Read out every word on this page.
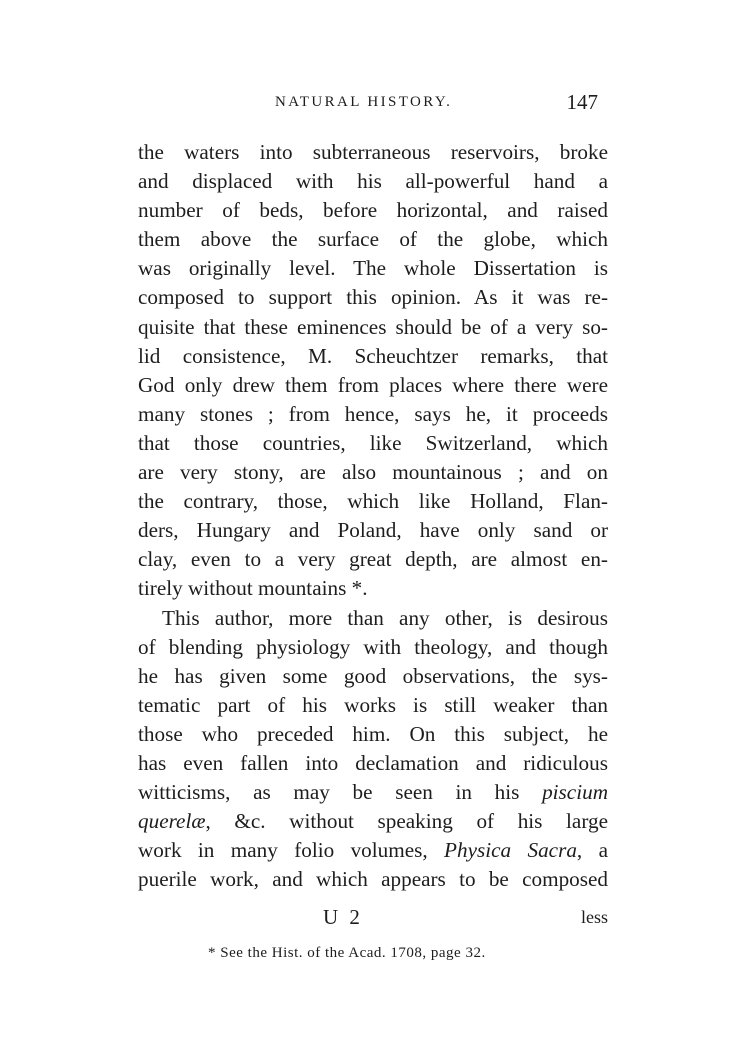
NATURAL HISTORY.	147
the waters into subterraneous reservoirs, broke
and displaced with his all-powerful hand a
number of beds, before horizontal, and raised
them above the surface of the globe, which
was originally level. The whole Dissertation is
composed to support this opinion. As it was re-
quisite that these eminences should be of a very so-
lid consistence, M. Scheuchtzer remarks, that
God only drew them from places where there were
many stones ; from hence, says he, it proceeds
that those countries, like Switzerland, which
are very stony, are also mountainous ; and on
the contrary, those, which like Holland, Flan-
ders, Hungary and Poland, have only sand or
clay, even to a very great depth, are almost en-
tirely without mountains *.
This author, more than any other, is desirous
of blending physiology with theology, and though
he has given some good observations, the sys-
tematic part of his works is still weaker than
those who preceded him. On this subject, he
has even fallen into declamation and ridiculous
witticisms, as may be seen in his piscium
querelæ, &c. without speaking of his large
work in many folio volumes, Physica Sacra, a
puerile work, and which appears to be composed
U 2	less
* See the Hist. of the Acad. 1708, page 32.
